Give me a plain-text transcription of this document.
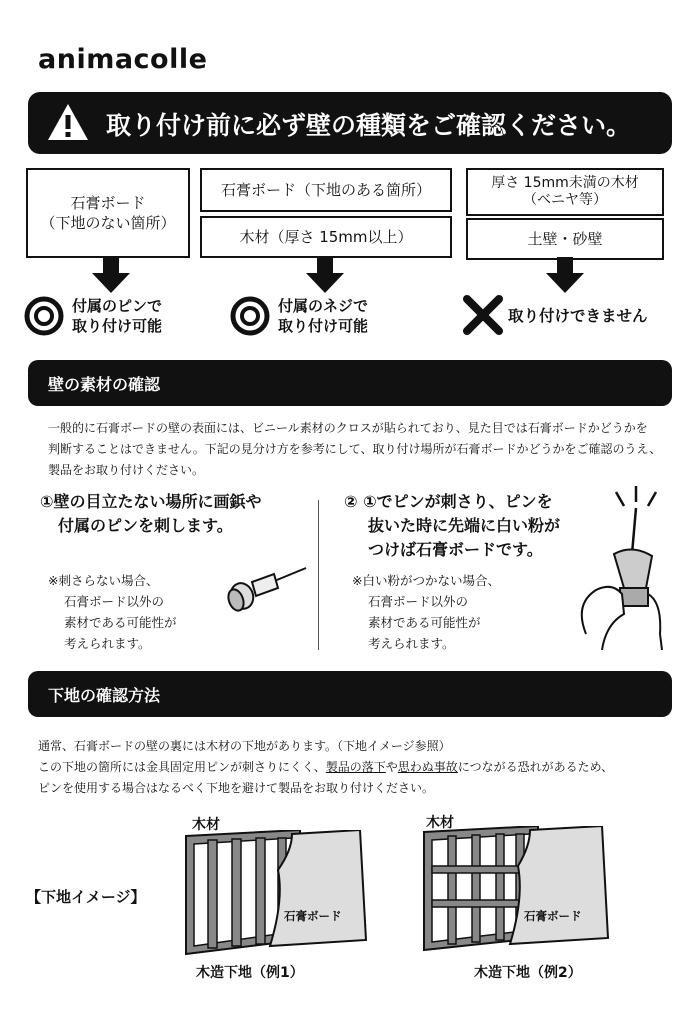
animacolle
取り付け前に必ず壁の種類をご確認ください。
石膏ボード
（下地のない箇所）
石膏ボード（下地のある箇所）
木材（厚さ 15mm以上）
厚さ 15mm未満の木材
（ベニヤ等）
土壁・砂壁
付属のピンで
取り付け可能
付属のネジで
取り付け可能
取り付けできません
壁の素材の確認
一般的に石膏ボードの壁の表面には、ビニール素材のクロスが貼られており、見た目では石膏ボードかどうかを
判断することはできません。下記の見分け方を参考にして、取り付け場所が石膏ボードかどうかをご確認のうえ、
製品をお取り付けください。
①壁の目立たない場所に画鋲や
付属のピンを刺します。
※刺さらない場合、
石膏ボード以外の
素材である可能性が
考えられます。
② ①でピンが刺さり、ピンを
抜いた時に先端に白い粉が
つけば石膏ボードです。
※白い粉がつかない場合、
石膏ボード以外の
素材である可能性が
考えられます。
下地の確認方法
通常、石膏ボードの壁の裏には木材の下地があります。（下地イメージ参照）
この下地の箇所には金具固定用ピンが刺さりにくく、製品の落下や思わぬ事故につながる恐れがあるため、
ピンを使用する場合はなるべく下地を避けて製品をお取り付けください。
【下地イメージ】
木材
石膏ボード
木造下地（例1）
木材
石膏ボード
木造下地（例2）
